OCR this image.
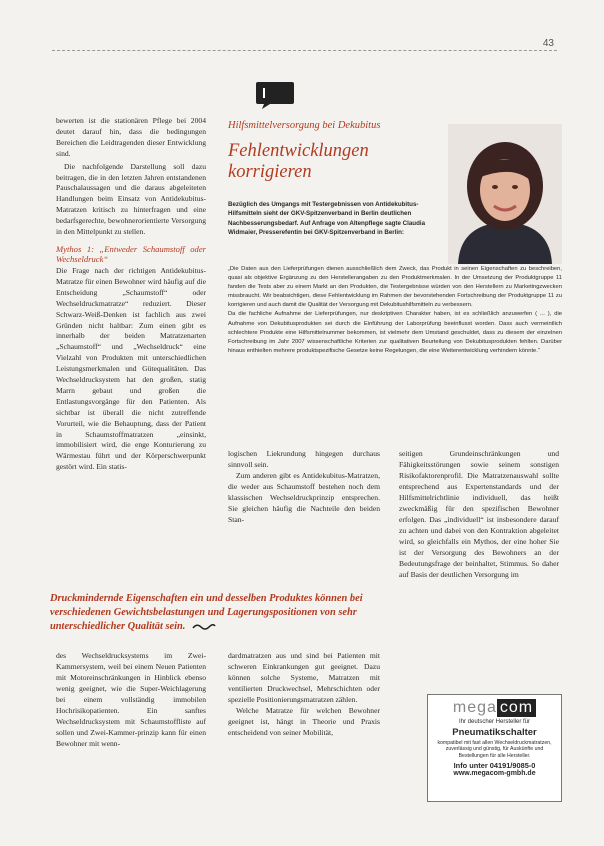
43

bewerten ist die stationären Pflege bei 2004 deutet darauf hin, dass die bedingungen Bereichen die Leidtragenden dieser Entwicklung sind.

Die nachfolgende Darstellung soll dazu beitragen, die in den letzten Jahren entstandenen Pauschalaussagen und die daraus abgeleiteten Handlungen beim Einsatz von Antidekubitus-Matratzen kritisch zu hinterfragen und eine bedarfsgerechte, bewohnerorientierte Versorgung in den Mittelpunkt zu stellen.

Mythos 1: „Entweder Schaumstoff oder Wechseldruck“

Die Frage nach der richtigen Antidekubitus-Matratze für einen Bewohner wird häufig auf die Entscheidung „Schaumstoff“ oder Wechseldruckmatratze“ reduziert. Dieser Schwarz-Weiß-Denken ist fachlich aus zwei Gründen nicht haltbar: Zum einen gibt es innerhalb der beiden Matratzenarten „Schaumstoff“ und „Wechseldruck“ eine Vielzahl von Produkten mit unterschiedlichen Leistungsmerkmalen und Gütequalitäten. Das Wechseldrucksystem hat den großen, statig Marrn gebaut und großen die Entlastungsvorgänge für den Patienten. Als sichtbar ist überall die nicht zutreffende Vorurteil, wie die Behauptung, dass der Patient in Schaumstoffmatratzen „einsinkt, immobilisiert wird, die enge Konturierung zu Wärmestau führt und der Körperschwerpunkt gestört wird. Ein statis-

Hilfsmittelversorgung bei Dekubitus
Fehlentwicklungen korrigieren
Bezüglich des Umgangs mit Testergebnissen von Antidekubitus-Hilfsmitteln sieht der GKV-Spitzenverband in Berlin deutlichen Nachbesserungsbedarf. Auf Anfrage von Altenpflege sagte Claudia Widmaier, Presserefentin bei GKV-Spitzenverband in Berlin:

„Die Daten aus den Lieferprüfungen dienen ausschließlich dem Zweck, das Produkt in seinen Eigenschaften zu beschreiben, quasi als objektive Ergänzung zu den Herstellerangaben zu den Produktmerkmalen. In der Umsetzung der Produktgruppe 11 fanden die Tests aber zu einem Markt an den Produkten, die Testergebnisse würden von den Herstellern zu Marketingzwecken missbraucht. Wir beabsichtigen, diese Fehlentwicklung im Rahmen der bevorstehenden Fortschreibung der Produktgruppe 11 zu korrigieren und auch damit die Qualität der Versorgung mit Dekubitushilfsmitteln zu verbessern.

Da die fachliche Aufnahme der Lieferprüfungen, nur deskriptiven Charakter haben, ist es schließlich anzuwerfen ( ... ), die Aufnahme von Dekubitusprodukten sei durch die Einführung der Laborprüfung beeinflusst worden. Dass auch vermeintlich schlechtere Produkte eine Hilfsmittelnummer bekommen, ist vielmehr dem Umstand geschuldet, dass zu diesem der einzelnen Fortschreibung im Jahr 2007 wissenschaftliche Kriterien zur qualitativen Beurteilung von Dekubitusprodukten fehlten. Darüber hinaus enthielten mehrere produktspezifische Gesetze keine Regelungen, die eine Weiterentwicklung verhindern könnte.“

logischen Liekrundung hingegen durchaus sinnvoll sein.

Zum anderen gibt es Antidekubitus-Matratzen, die weder aus Schaumstoff bestehen noch dem klassischen Wechseldruckprinzip entsprechen. Sie gleichen häufig die Nachteile den beiden Stan-

seitigen Grundeinschränkungen und Fähigkeitsstörungen sowie seinem sonstigen Risikofaktorenprofil. Die Matratzenauswahl sollte entsprechend aus Expertenstandards und der Hilfsmittelrichtlinie individuell, das heißt zweckmäßig für den spezifischen Bewohner erfolgen. Das „individuell“ ist insbesondere darauf zu achten und dabei von den Kontraktion abgeleitet wird, so gleichfalls ein Mythos, der eine hoher Sie ist der Versorgung des Bewohners an der Bedeutungsfrage der beinhaltet, Stimmus. So daher auf Basis der deutlichen Versorgung im

Druckmindernde Eigenschaften ein und desselben Produktes können bei verschiedenen Gewichtsbelastungen und Lagerungspositionen von sehr unterschiedlicher Qualität sein.

des Wechseldrucksystems im Zwei-Kammersystem, weil bei einem Neuen Patienten mit Motoreinschränkungen in Hinblick ebenso wenig geeignet, wie die Super-Weichlagerung bei einem vollständig immobilen Hochrisikopatienten. Ein sanftes Wechseldrucksystem mit Schaumstoffliste auf sollen und Zwei-Kammer-prinzip kann für einen Bewohner mit wenn-

dardmatratzen aus und sind bei Patienten mit schweren Einkrankungen gut geeignet. Dazu können solche Systeme, Matratzen mit ventilierten Druckwechsel, Mehrschichten oder spezielle Positionierungsmatratzen zählen.

Welche Matratze für welchen Bewohner geeignet ist, hängt in Theorie und Praxis entscheidend von seiner Mobilität,

mega com
Ihr deutscher Hersteller für
Pneumatikschalter
kompatibel mit fast allen Wechseldruckmatratzen, zuverlässig und günstig, für Auskünfte und Bestellungen für alle Hersteller.
Info unter 04191/9085-0
www.megacom-gmbh.de
